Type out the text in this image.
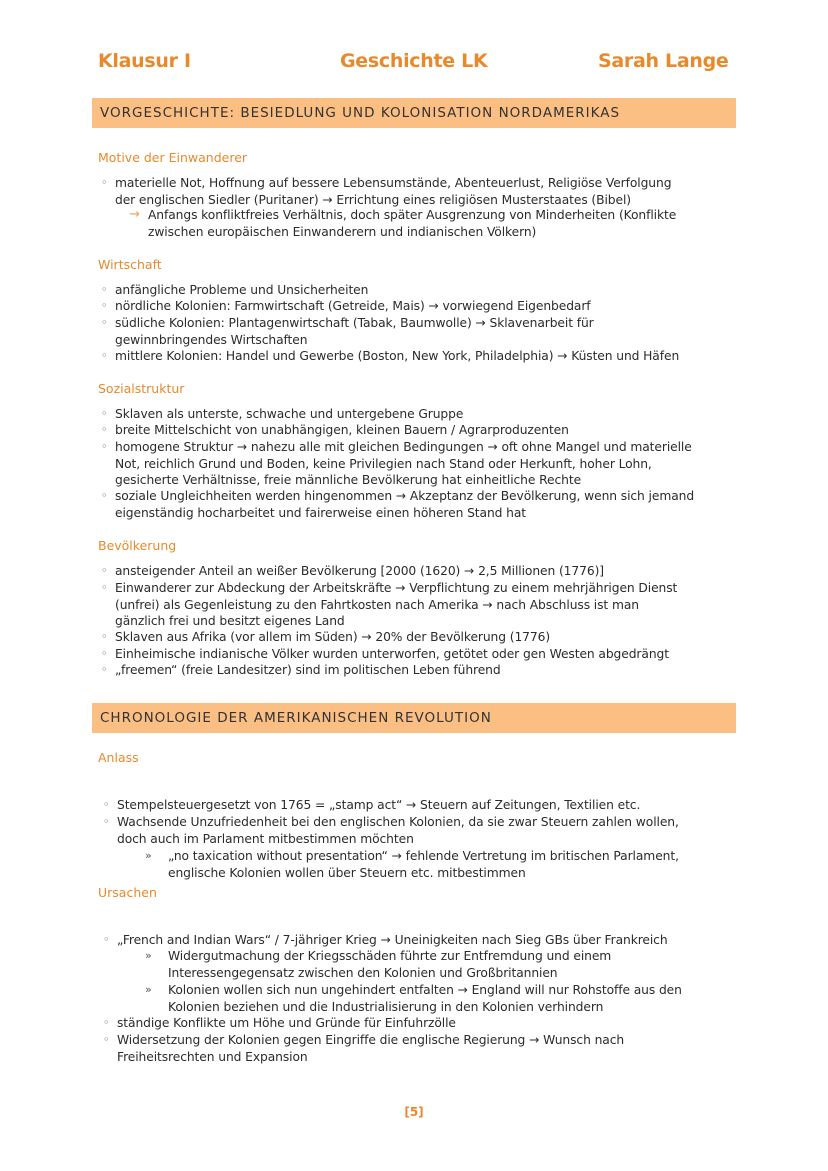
Klausur I	Geschichte LK	Sarah Lange
VORGESCHICHTE: BESIEDLUNG UND KOLONISATION NORDAMERIKAS
Motive der Einwanderer
◦ materielle Not, Hoffnung auf bessere Lebensumstände, Abenteuerlust, Religiöse Verfolgung
der englischen Siedler (Puritaner) → Errichtung eines religiösen Musterstaates (Bibel)
→ Anfangs konfliktfreies Verhältnis, doch später Ausgrenzung von Minderheiten (Konflikte
zwischen europäischen Einwanderern und indianischen Völkern)
Wirtschaft
◦ anfängliche Probleme und Unsicherheiten
◦ nördliche Kolonien: Farmwirtschaft (Getreide, Mais) → vorwiegend Eigenbedarf
◦ südliche Kolonien: Plantagenwirtschaft (Tabak, Baumwolle) → Sklavenarbeit für
gewinnbringendes Wirtschaften
◦ mittlere Kolonien: Handel und Gewerbe (Boston, New York, Philadelphia) → Küsten und Häfen
Sozialstruktur
◦ Sklaven als unterste, schwache und untergebene Gruppe
◦ breite Mittelschicht von unabhängigen, kleinen Bauern / Agrarproduzenten
◦ homogene Struktur → nahezu alle mit gleichen Bedingungen → oft ohne Mangel und materielle
Not, reichlich Grund und Boden, keine Privilegien nach Stand oder Herkunft, hoher Lohn,
gesicherte Verhältnisse, freie männliche Bevölkerung hat einheitliche Rechte
◦ soziale Ungleichheiten werden hingenommen → Akzeptanz der Bevölkerung, wenn sich jemand
eigenständig hocharbeitet und fairerweise einen höheren Stand hat
Bevölkerung
◦ ansteigender Anteil an weißer Bevölkerung [2000 (1620) → 2,5 Millionen (1776)]
◦ Einwanderer zur Abdeckung der Arbeitskräfte → Verpflichtung zu einem mehrjährigen Dienst
(unfrei) als Gegenleistung zu den Fahrtkosten nach Amerika → nach Abschluss ist man
gänzlich frei und besitzt eigenes Land
◦ Sklaven aus Afrika (vor allem im Süden) → 20% der Bevölkerung (1776)
◦ Einheimische indianische Völker wurden unterworfen, getötet oder gen Westen abgedrängt
◦ „freemen“ (freie Landesitzer) sind im politischen Leben führend
CHRONOLOGIE DER AMERIKANISCHEN REVOLUTION
Anlass
◦ Stempelsteuergesetzt von 1765 = „stamp act“ → Steuern auf Zeitungen, Textilien etc.
◦ Wachsende Unzufriedenheit bei den englischen Kolonien, da sie zwar Steuern zahlen wollen,
doch auch im Parlament mitbestimmen möchten
» „no taxication without presentation“ → fehlende Vertretung im britischen Parlament,
englische Kolonien wollen über Steuern etc. mitbestimmen
Ursachen
◦ „French and Indian Wars“ / 7-jähriger Krieg → Uneinigkeiten nach Sieg GBs über Frankreich
» Widergutmachung der Kriegsschäden führte zur Entfremdung und einem
Interessengegensatz zwischen den Kolonien und Großbritannien
» Kolonien wollen sich nun ungehindert entfalten → England will nur Rohstoffe aus den
Kolonien beziehen und die Industrialisierung in den Kolonien verhindern
◦ ständige Konflikte um Höhe und Gründe für Einfuhrzölle
◦ Widersetzung der Kolonien gegen Eingriffe die englische Regierung → Wunsch nach
Freiheitsrechten und Expansion
[5]
